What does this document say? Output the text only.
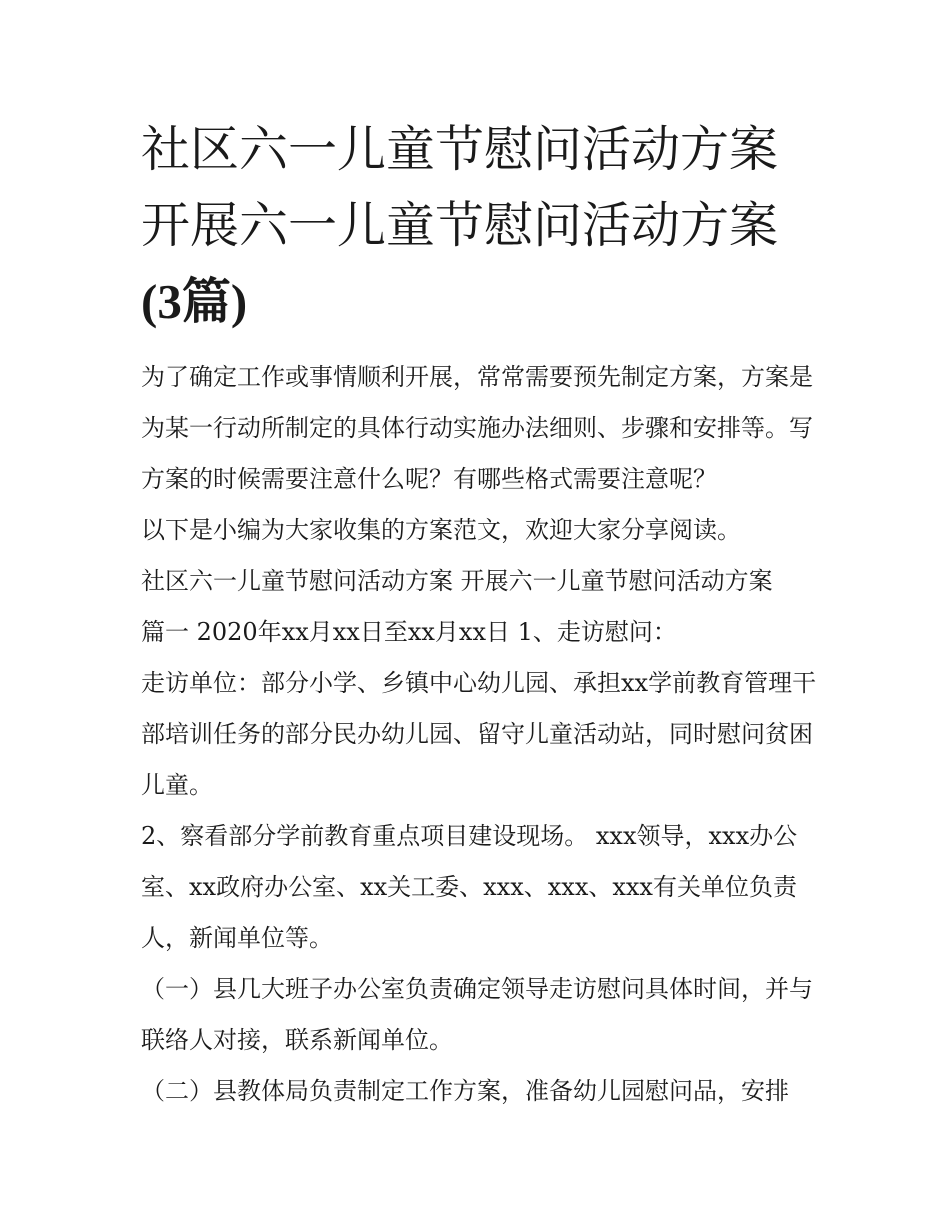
社区六一儿童节慰问活动方案
开展六一儿童节慰问活动方案
(3篇)

为了确定工作或事情顺利开展，常常需要预先制定方案，方案是为某一行动所制定的具体行动实施办法细则、步骤和安排等。写方案的时候需要注意什么呢？有哪些格式需要注意呢？

以下是小编为大家收集的方案范文，欢迎大家分享阅读。

社区六一儿童节慰问活动方案 开展六一儿童节慰问活动方案

篇一 2020年xx月xx日至xx月xx日 1、走访慰问：

走访单位：部分小学、乡镇中心幼儿园、承担xx学前教育管理干部培训任务的部分民办幼儿园、留守儿童活动站，同时慰问贫困儿童。

2、察看部分学前教育重点项目建设现场。 xxx领导，xxx办公室、xx政府办公室、xx关工委、xxx、xxx、xxx有关单位负责人，新闻单位等。

（一）县几大班子办公室负责确定领导走访慰问具体时间，并与联络人对接，联系新闻单位。

（二）县教体局负责制定工作方案，准备幼儿园慰问品，安排
